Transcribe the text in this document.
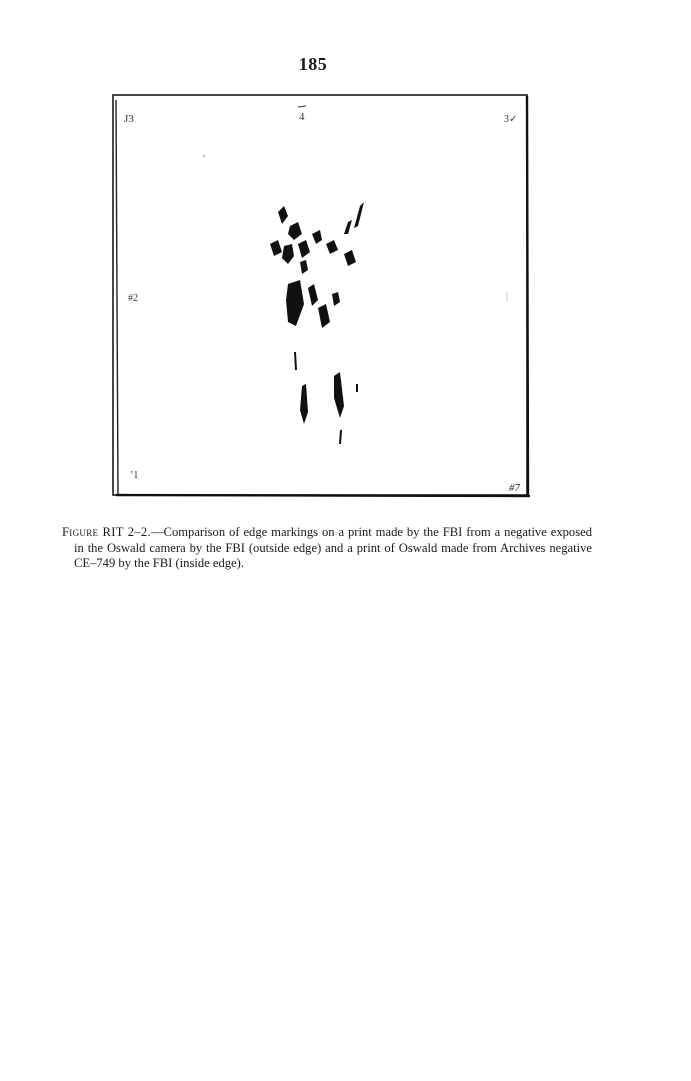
185
J3	4	3✓
#2	|
’1
#7
Figure RIT 2–2.—Comparison of edge markings on a print made by the FBI from a negative exposed in the Oswald camera by the FBI (outside edge) and a print of Oswald made from Archives negative CE–749 by the FBI (inside edge).
